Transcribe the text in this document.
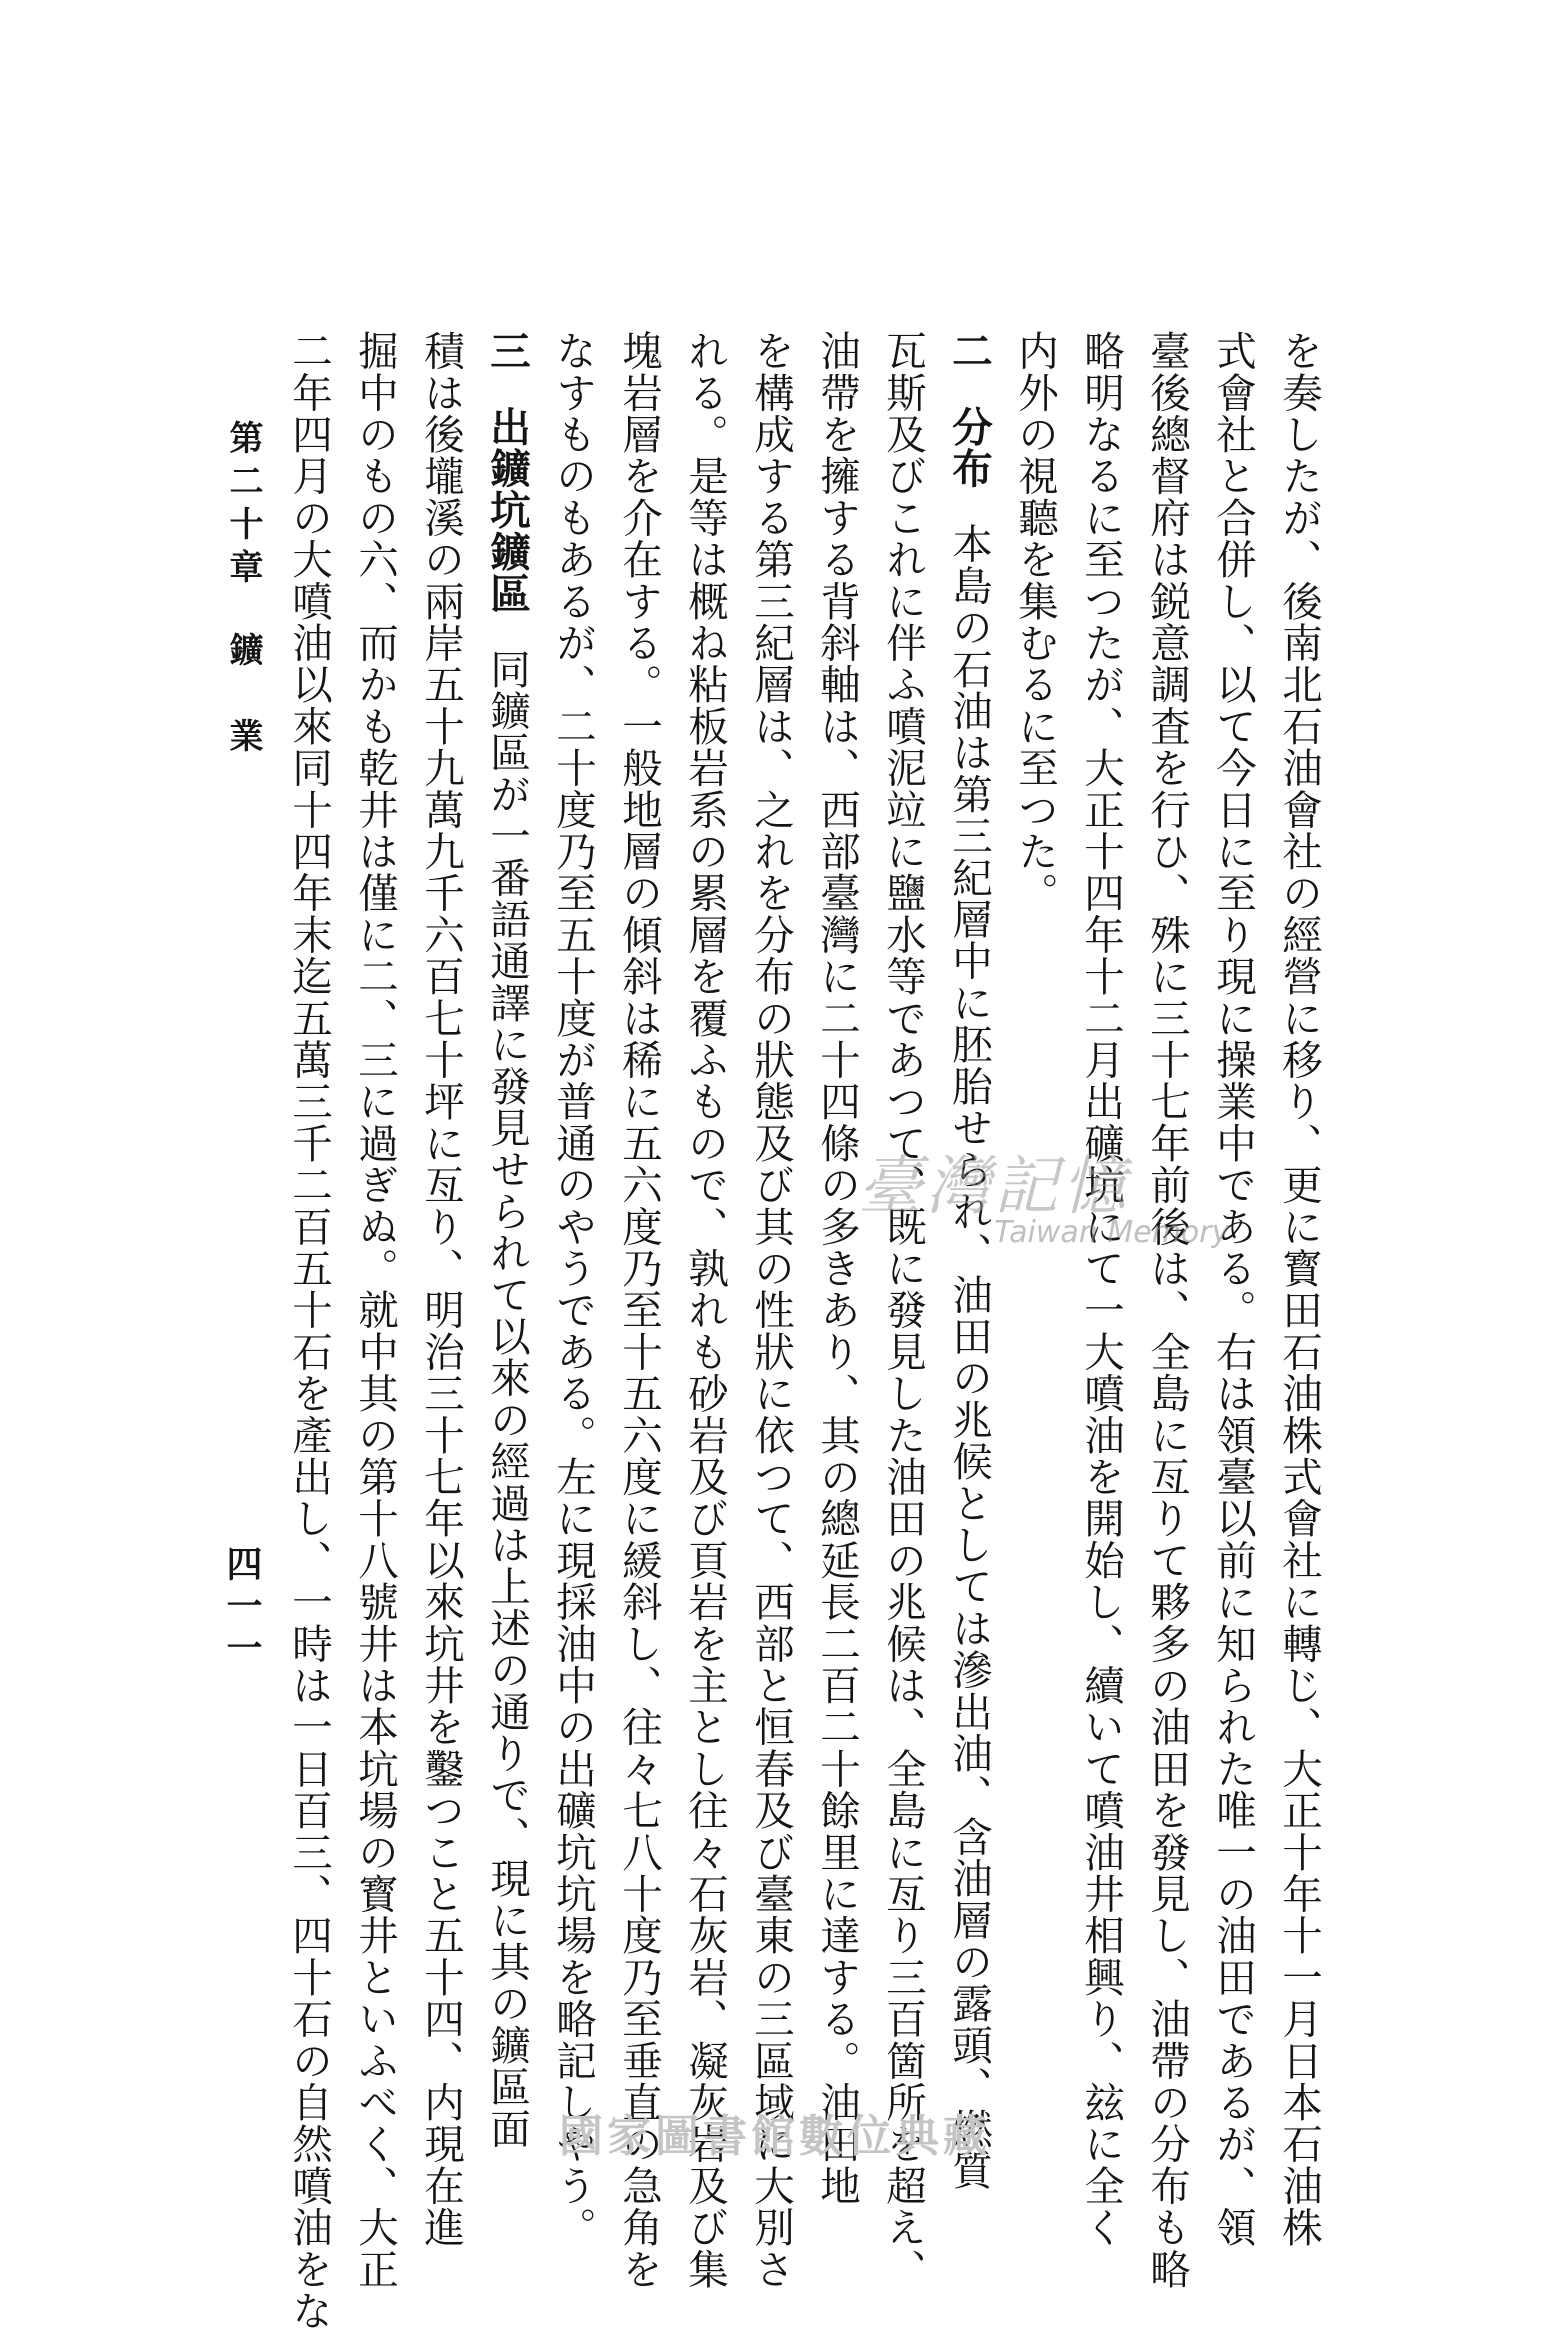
を奏したが、後南北石油會社の經營に移り、更に寳田石油株式會社に轉じ、大正十年十一月日本石油株
式會社と合併し、以て今日に至り現に操業中である。右は領臺以前に知られた唯一の油田であるが、領
臺後總督府は鋭意調査を行ひ、殊に三十七年前後は、全島に亙りて夥多の油田を發見し、油帶の分布も略
略明なるに至つたが、大正十四年十二月出礦坑にて一大噴油を開始し、續いて噴油井相興り、玆に全く
内外の視聽を集むるに至つた。
二分布本島の石油は第三紀層中に胚胎せられ、油田の兆候としては滲出油、含油層の露頭、燃質
瓦斯及びこれに伴ふ噴泥竝に鹽水等であつて、既に發見した油田の兆候は、全島に亙り三百箇所を超え、
油帶を擁する背斜軸は、西部臺灣に二十四條の多きあり、其の總延長二百二十餘里に達する。油田地
を構成する第三紀層は、之れを分布の狀態及び其の性狀に依つて、西部と恒春及び臺東の三區域に大別さ
れる。是等は概ね粘板岩系の累層を覆ふもので、孰れも砂岩及び頁岩を主とし往々石灰岩、凝灰岩及び集
塊岩層を介在する。一般地層の傾斜は稀に五六度乃至十五六度に緩斜し、往々七八十度乃至垂直の急角を
なすものもあるが、二十度乃至五十度が普通のやうである。左に現採油中の出礦坑坑場を略記しやう。
三出鑛坑鑛區同鑛區が一番語通譯に發見せられて以來の經過は上述の通りで、現に其の鑛區面
積は後壠溪の兩岸五十九萬九千六百七十坪に亙り、明治三十七年以來坑井を鑿つこと五十四、内現在進
掘中のもの六、而かも乾井は僅に二、三に過ぎぬ。就中其の第十八號井は本坑場の寳井といふべく、大正
二年四月の大噴油以來同十四年末迄五萬三千二百五十石を產出し、一時は一日百三、四十石の自然噴油をな
第二十章鑛　業
四一一
臺灣記憶
Taiwan Memory
國家圖書館數位典藏
